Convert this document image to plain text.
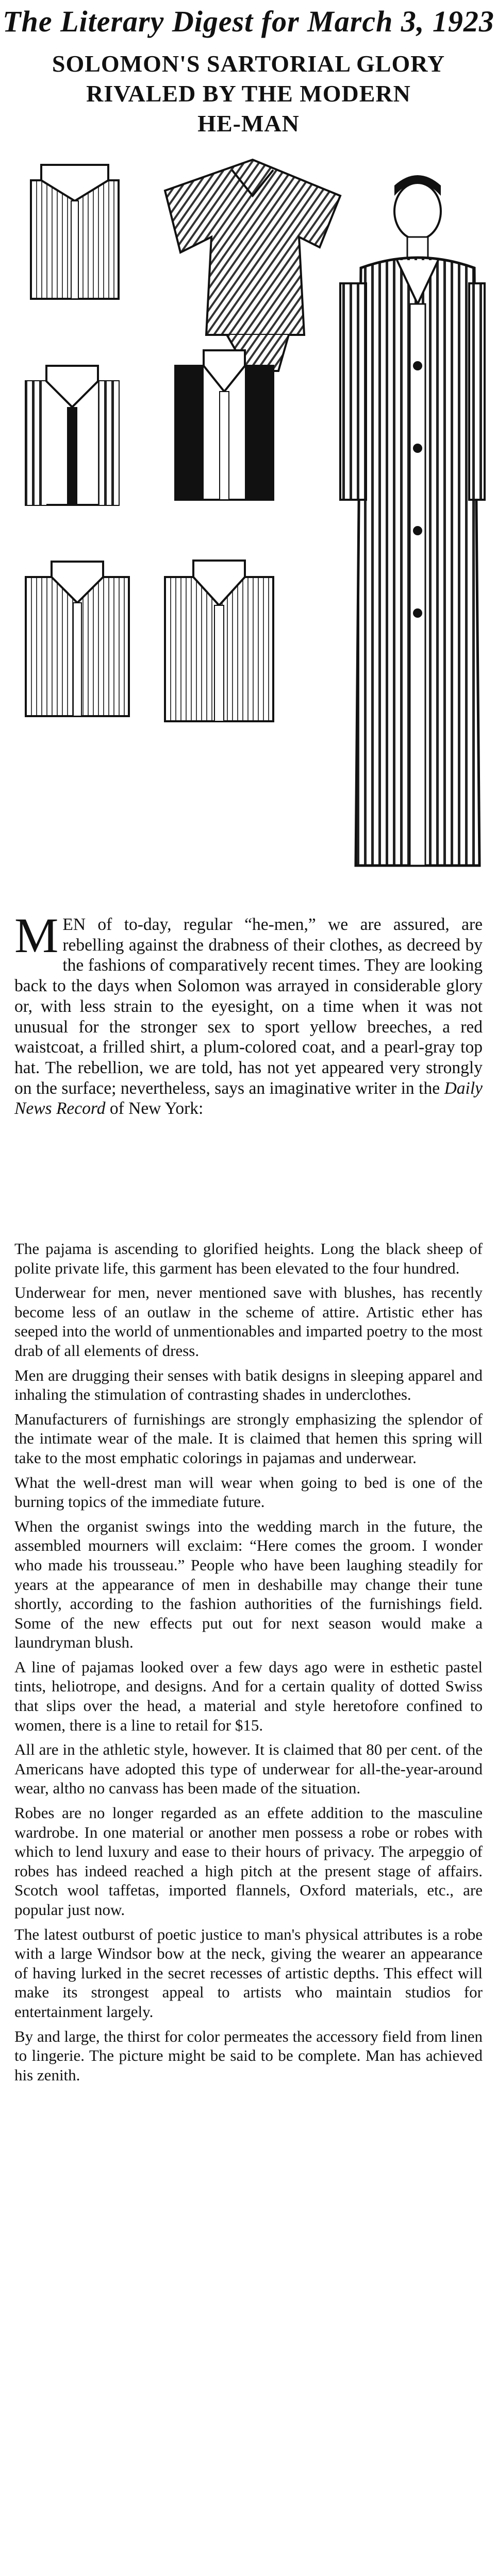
The Literary Digest for March 3, 1923
SOLOMON'S SARTORIAL GLORY
RIVALED BY THE MODERN
HE-MAN

MEN of to-day, regular “he-men,” we are assured, are rebelling against the drabness of their clothes, as decreed by the fashions of comparatively recent times. They are looking back to the days when Solomon was arrayed in considerable glory or, with less strain to the eyesight, on a time when it was not unusual for the stronger sex to sport yellow breeches, a red waistcoat, a frilled shirt, a plum-colored coat, and a pearl-gray top hat. The rebellion, we are told, has not yet appeared very strongly on the surface; nevertheless, says an imaginative writer in the Daily News Record of New York:

The pajama is ascending to glorified heights. Long the black sheep of polite private life, this garment has been elevated to the four hundred.

Underwear for men, never mentioned save with blushes, has recently become less of an outlaw in the scheme of attire. Artistic ether has seeped into the world of unmentionables and imparted poetry to the most drab of all elements of dress.

Men are drugging their senses with batik designs in sleeping apparel and inhaling the stimulation of contrasting shades in underclothes.

Manufacturers of furnishings are strongly emphasizing the splendor of the intimate wear of the male. It is claimed that hemen this spring will take to the most emphatic colorings in pajamas and underwear.

What the well-drest man will wear when going to bed is one of the burning topics of the immediate future.

When the organist swings into the wedding march in the future, the assembled mourners will exclaim: “Here comes the groom. I wonder who made his trousseau.” People who have been laughing steadily for years at the appearance of men in deshabille may change their tune shortly, according to the fashion authorities of the furnishings field. Some of the new effects put out for next season would make a laundryman blush.

A line of pajamas looked over a few days ago were in esthetic pastel tints, heliotrope, and designs. And for a certain quality of dotted Swiss that slips over the head, a material and style heretofore confined to women, there is a line to retail for $15.

All are in the athletic style, however. It is claimed that 80 per cent. of the Americans have adopted this type of underwear for all-the-year-around wear, altho no canvass has been made of the situation.

Robes are no longer regarded as an effete addition to the masculine wardrobe. In one material or another men possess a robe or robes with which to lend luxury and ease to their hours of privacy. The arpeggio of robes has indeed reached a high pitch at the present stage of affairs. Scotch wool taffetas, imported flannels, Oxford materials, etc., are popular just now.

The latest outburst of poetic justice to man's physical attributes is a robe with a large Windsor bow at the neck, giving the wearer an appearance of having lurked in the secret recesses of artistic depths. This effect will make its strongest appeal to artists who maintain studios for entertainment largely.

By and large, the thirst for color permeates the accessory field from linen to lingerie. The picture might be said to be complete. Man has achieved his zenith.
